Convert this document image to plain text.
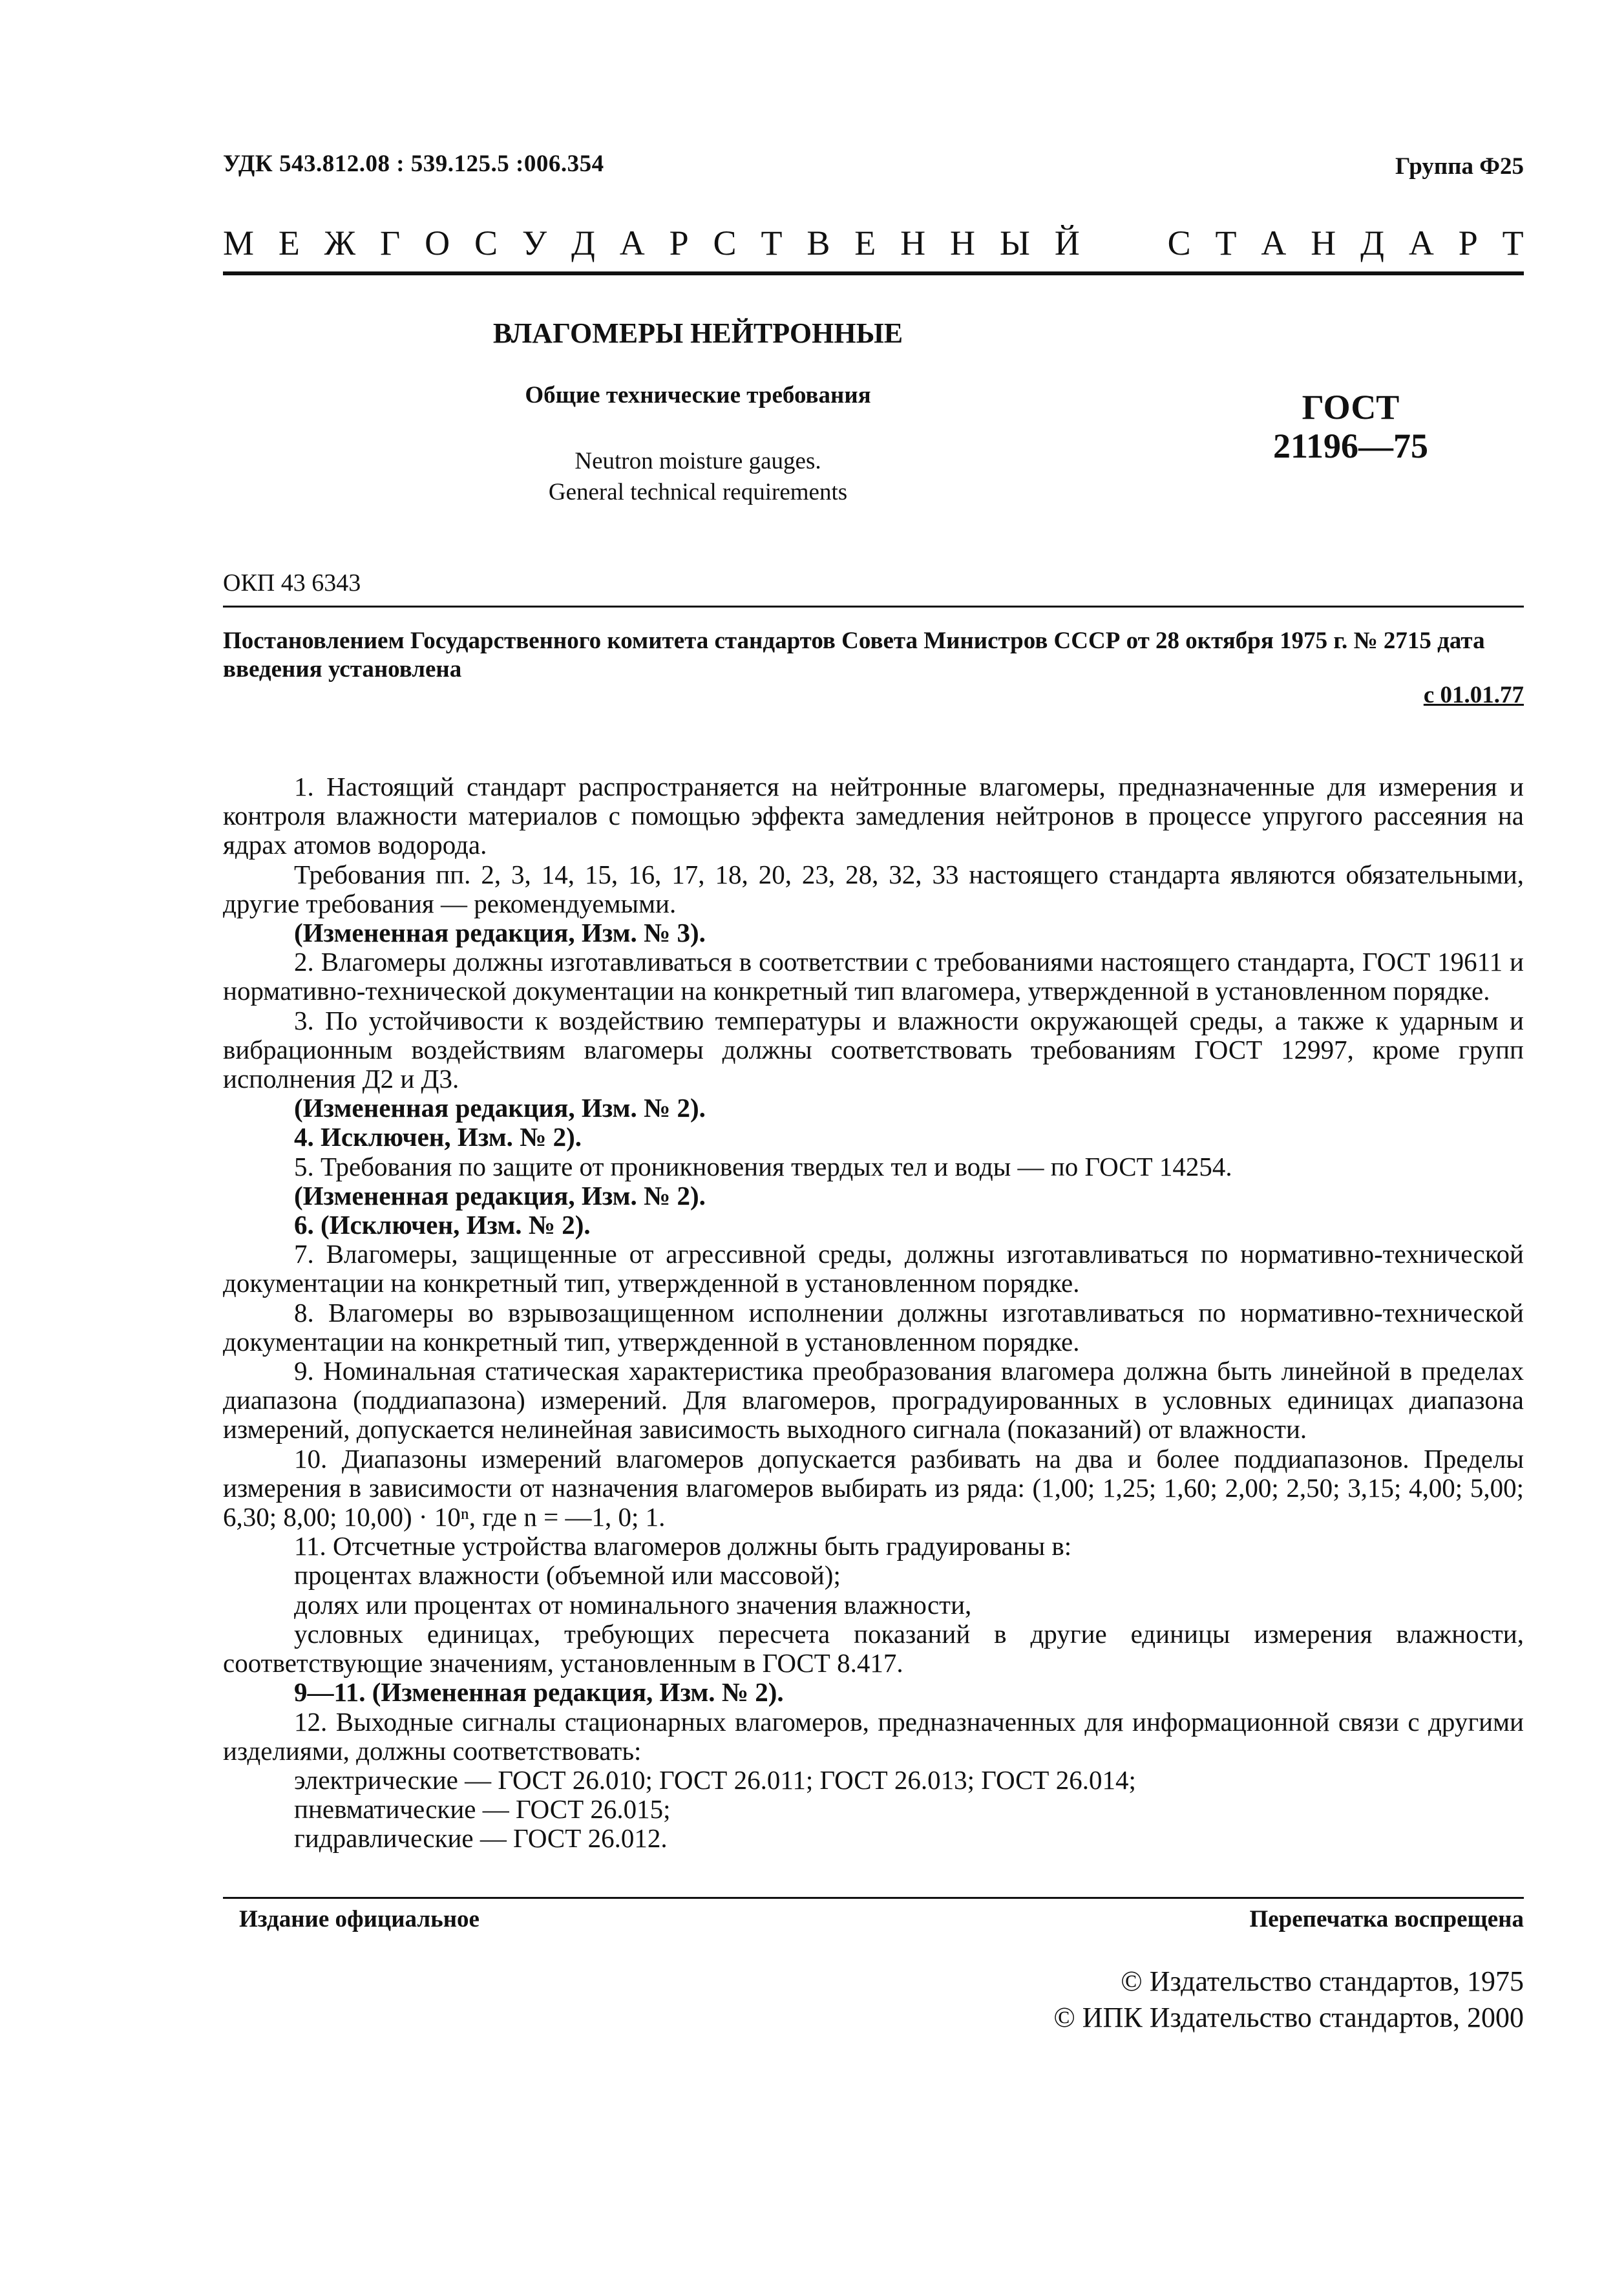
УДК 543.812.08 : 539.125.5 :006.354	Группа Ф25
М Е Ж Г О С У Д А Р С Т В Е Н Н Ы Й	С Т А Н Д А Р Т
ВЛАГОМЕРЫ НЕЙТРОННЫЕ
Общие технические требования
Neutron moisture gauges.
General technical requirements
ГОСТ
21196—75
ОКП 43 6343
Постановлением Государственного комитета стандартов Совета Министров СССР от 28 октября 1975 г. № 2715 дата введения установлена
с 01.01.77

1. Настоящий стандарт распространяется на нейтронные влагомеры, предназначенные для измерения и контроля влажности материалов с помощью эффекта замедления нейтронов в процессе упругого рассеяния на ядрах атомов водорода.

Требования пп. 2, 3, 14, 15, 16, 17, 18, 20, 23, 28, 32, 33 настоящего стандарта являются обязательными, другие требования — рекомендуемыми.

(Измененная редакция, Изм. № 3).

2. Влагомеры должны изготавливаться в соответствии с требованиями настоящего стандарта, ГОСТ 19611 и нормативно-технической документации на конкретный тип влагомера, утвержденной в установленном порядке.

3. По устойчивости к воздействию температуры и влажности окружающей среды, а также к ударным и вибрационным воздействиям влагомеры должны соответствовать требованиям ГОСТ 12997, кроме групп исполнения Д2 и Д3.

(Измененная редакция, Изм. № 2).

4. Исключен, Изм. № 2).

5. Требования по защите от проникновения твердых тел и воды — по ГОСТ 14254.

(Измененная редакция, Изм. № 2).

6. (Исключен, Изм. № 2).

7. Влагомеры, защищенные от агрессивной среды, должны изготавливаться по нормативно-технической документации на конкретный тип, утвержденной в установленном порядке.

8. Влагомеры во взрывозащищенном исполнении должны изготавливаться по нормативно-технической документации на конкретный тип, утвержденной в установленном порядке.

9. Номинальная статическая характеристика преобразования влагомера должна быть линейной в пределах диапазона (поддиапазона) измерений. Для влагомеров, проградуированных в условных единицах диапазона измерений, допускается нелинейная зависимость выходного сигнала (показаний) от влажности.

10. Диапазоны измерений влагомеров допускается разбивать на два и более поддиапазонов. Пределы измерения в зависимости от назначения влагомеров выбирать из ряда: (1,00; 1,25; 1,60; 2,00; 2,50; 3,15; 4,00; 5,00; 6,30; 8,00; 10,00) · 10ⁿ, где n = —1, 0; 1.

11. Отсчетные устройства влагомеров должны быть градуированы в:

процентах влажности (объемной или массовой);

долях или процентах от номинального значения влажности,

условных единицах, требующих пересчета показаний в другие единицы измерения влажности, соответствующие значениям, установленным в ГОСТ 8.417.

9—11. (Измененная редакция, Изм. № 2).

12. Выходные сигналы стационарных влагомеров, предназначенных для информационной связи с другими изделиями, должны соответствовать:

электрические — ГОСТ 26.010; ГОСТ 26.011; ГОСТ 26.013; ГОСТ 26.014;

пневматические — ГОСТ 26.015;

гидравлические — ГОСТ 26.012.

Издание официальное	Перепечатка воспрещена
© Издательство стандартов, 1975
© ИПК Издательство стандартов, 2000
